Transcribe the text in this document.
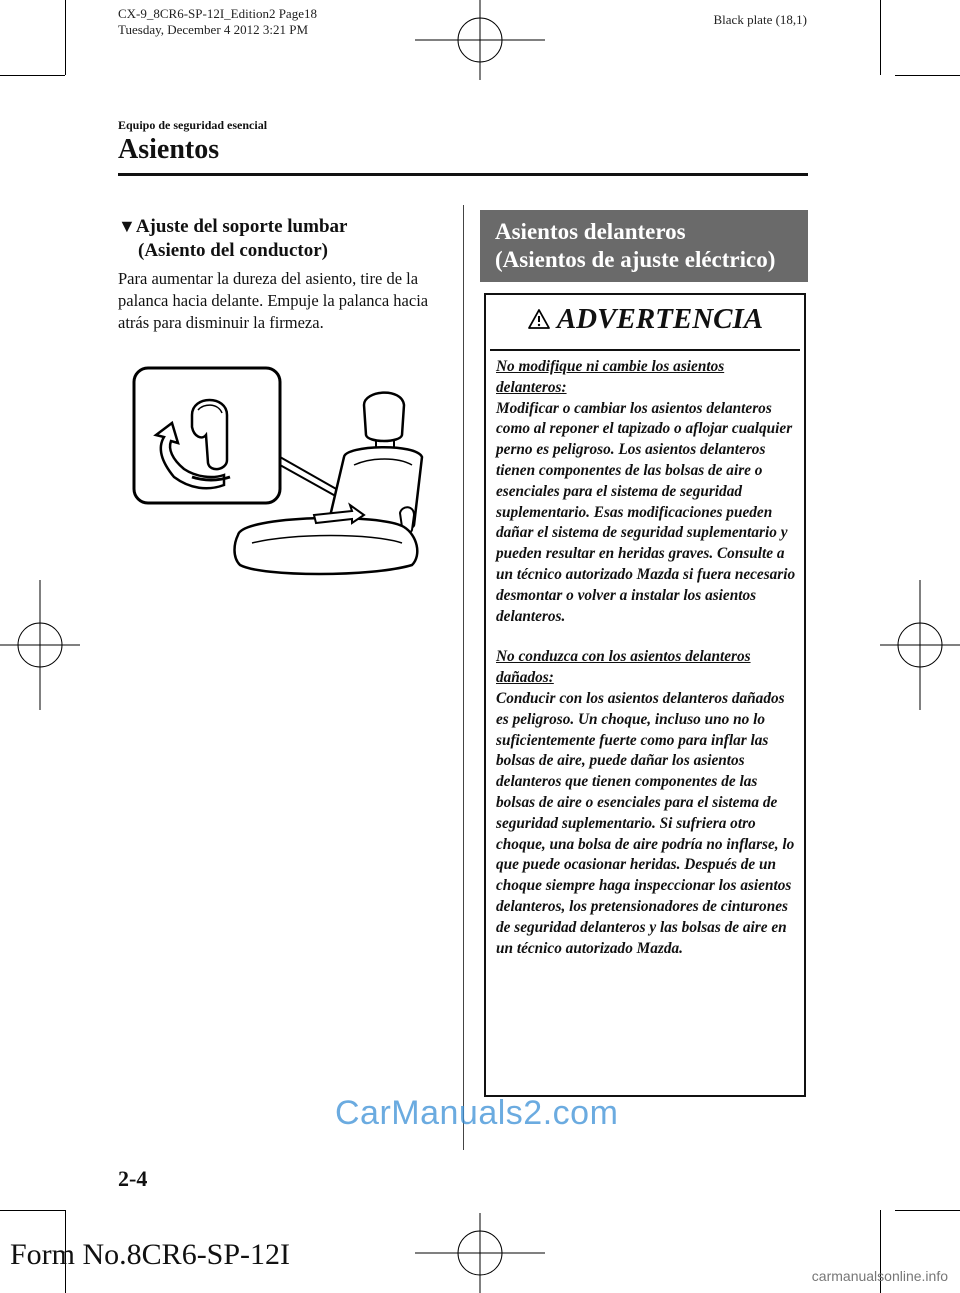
CX-9_8CR6-SP-12I_Edition2 Page18
Tuesday, December 4 2012 3:21 PM
Black plate (18,1)
Equipo de seguridad esencial
Asientos
▼Ajuste del soporte lumbar
(Asiento del conductor)

Para aumentar la dureza del asiento, tire de la palanca hacia delante. Empuje la palanca hacia atrás para disminuir la firmeza.

Asientos delanteros
(Asientos de ajuste eléctrico)
ADVERTENCIA
No modifique ni cambie los asientos delanteros:
Modificar o cambiar los asientos delanteros como al reponer el tapizado o aflojar cualquier perno es peligroso. Los asientos delanteros tienen componentes de las bolsas de aire o esenciales para el sistema de seguridad suplementario. Esas modificaciones pueden dañar el sistema de seguridad suplementario y pueden resultar en heridas graves. Consulte a un técnico autorizado Mazda si fuera necesario desmontar o volver a instalar los asientos delanteros.
No conduzca con los asientos delanteros dañados:
Conducir con los asientos delanteros dañados es peligroso. Un choque, incluso uno no lo suficientemente fuerte como para inflar las bolsas de aire, puede dañar los asientos delanteros que tienen componentes de las bolsas de aire o esenciales para el sistema de seguridad suplementario. Si sufriera otro choque, una bolsa de aire podría no inflarse, lo que puede ocasionar heridas. Después de un choque siempre haga inspeccionar los asientos delanteros, los pretensionadores de cinturones de seguridad delanteros y las bolsas de aire en un técnico autorizado Mazda.
CarManuals2.com
2-4
Form No.8CR6-SP-12I
carmanualsonline.info
